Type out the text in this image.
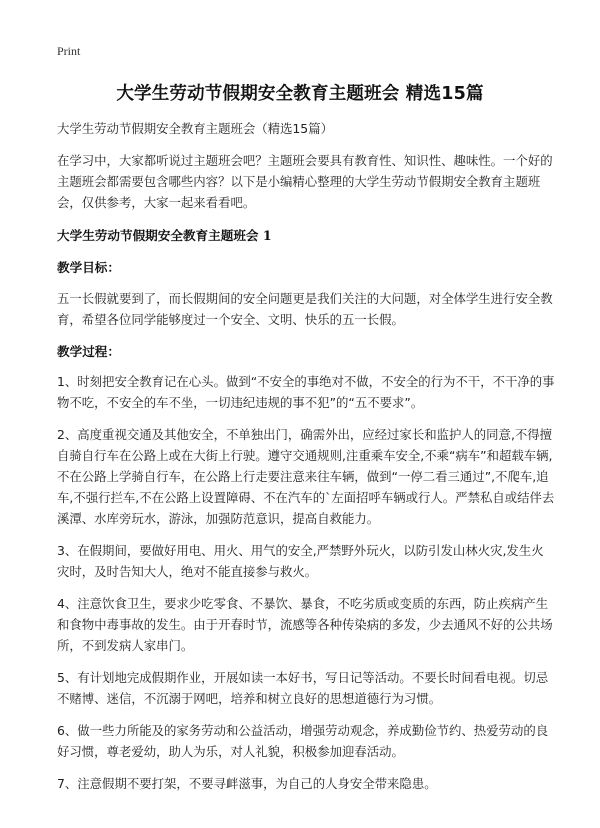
Print
大学生劳动节假期安全教育主题班会 精选15篇

大学生劳动节假期安全教育主题班会（精选15篇）

在学习中，大家都听说过主题班会吧？主题班会要具有教育性、知识性、趣味性。一个好的主题班会都需要包含哪些内容？以下是小编精心整理的大学生劳动节假期安全教育主题班会，仅供参考，大家一起来看看吧。

大学生劳动节假期安全教育主题班会 1

教学目标：

五一长假就要到了，而长假期间的安全问题更是我们关注的大问题，对全体学生进行安全教育，希望各位同学能够度过一个安全、文明、快乐的五一长假。

教学过程：

1、时刻把安全教育记在心头。做到“不安全的事绝对不做，不安全的行为不干，不干净的事物不吃，不安全的车不坐，一切违纪违规的事不犯”的“五不要求”。

2、高度重视交通及其他安全，不单独出门，确需外出，应经过家长和监护人的同意,不得擅自骑自行车在公路上或在大街上行驶。遵守交通规则,注重乘车安全,不乘“病车”和超载车辆,不在公路上学骑自行车，在公路上行走要注意来往车辆，做到“一停二看三通过”,不爬车,追车,不强行拦车,不在公路上设置障碍、不在汽车的`左面招呼车辆或行人。严禁私自或结伴去溪潭、水库旁玩水，游泳，加强防范意识，提高自救能力。

3、在假期间，要做好用电、用火、用气的安全,严禁野外玩火，以防引发山林火灾,发生火灾时，及时告知大人，绝对不能直接参与救火。

4、注意饮食卫生，要求少吃零食、不暴饮、暴食，不吃劣质或变质的东西，防止疾病产生和食物中毒事故的发生。由于开春时节，流感等各种传染病的多发，少去通风不好的公共场所，不到发病人家串门。

5、有计划地完成假期作业，开展如读一本好书，写日记等活动。不要长时间看电视。切忌不赌博、迷信，不沉溺于网吧，培养和树立良好的思想道德行为习惯。

6、做一些力所能及的家务劳动和公益活动，增强劳动观念，养成勤俭节约、热爱劳动的良好习惯，尊老爱幼，助人为乐，对人礼貌，积极参加迎春活动。

7、注意假期不要打架，不要寻衅滋事，为自己的人身安全带来隐患。
